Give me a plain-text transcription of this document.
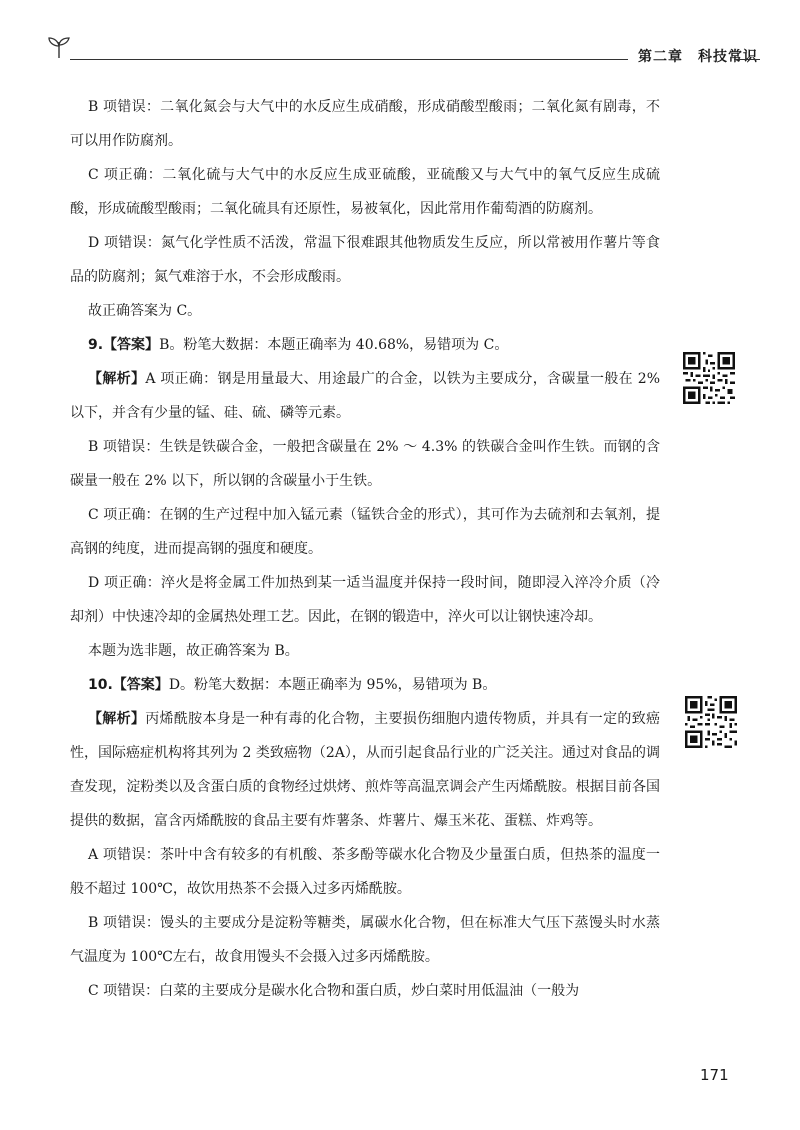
第二章　科技常识

B 项错误：二氧化氮会与大气中的水反应生成硝酸，形成硝酸型酸雨；二氧化氮有剧毒，不可以用作防腐剂。

C 项正确：二氧化硫与大气中的水反应生成亚硫酸，亚硫酸又与大气中的氧气反应生成硫酸，形成硫酸型酸雨；二氧化硫具有还原性，易被氧化，因此常用作葡萄酒的防腐剂。

D 项错误：氮气化学性质不活泼，常温下很难跟其他物质发生反应，所以常被用作薯片等食品的防腐剂；氮气难溶于水，不会形成酸雨。

故正确答案为 C。

9.【答案】B。粉笔大数据：本题正确率为 40.68%，易错项为 C。

【解析】A 项正确：钢是用量最大、用途最广的合金，以铁为主要成分，含碳量一般在 2% 以下，并含有少量的锰、硅、硫、磷等元素。

B 项错误：生铁是铁碳合金，一般把含碳量在 2% ～ 4.3% 的铁碳合金叫作生铁。而钢的含碳量一般在 2% 以下，所以钢的含碳量小于生铁。

C 项正确：在钢的生产过程中加入锰元素（锰铁合金的形式），其可作为去硫剂和去氧剂，提高钢的纯度，进而提高钢的强度和硬度。

D 项正确：淬火是将金属工件加热到某一适当温度并保持一段时间，随即浸入淬冷介质（冷却剂）中快速冷却的金属热处理工艺。因此，在钢的锻造中，淬火可以让钢快速冷却。

本题为选非题，故正确答案为 B。

10.【答案】D。粉笔大数据：本题正确率为 95%，易错项为 B。

【解析】丙烯酰胺本身是一种有毒的化合物，主要损伤细胞内遗传物质，并具有一定的致癌性，国际癌症机构将其列为 2 类致癌物（2A），从而引起食品行业的广泛关注。通过对食品的调查发现，淀粉类以及含蛋白质的食物经过烘烤、煎炸等高温烹调会产生丙烯酰胺。根据目前各国提供的数据，富含丙烯酰胺的食品主要有炸薯条、炸薯片、爆玉米花、蛋糕、炸鸡等。

A 项错误：茶叶中含有较多的有机酸、茶多酚等碳水化合物及少量蛋白质，但热茶的温度一般不超过 100℃，故饮用热茶不会摄入过多丙烯酰胺。

B 项错误：馒头的主要成分是淀粉等糖类，属碳水化合物，但在标准大气压下蒸馒头时水蒸气温度为 100℃左右，故食用馒头不会摄入过多丙烯酰胺。

C 项错误：白菜的主要成分是碳水化合物和蛋白质，炒白菜时用低温油（一般为

171
